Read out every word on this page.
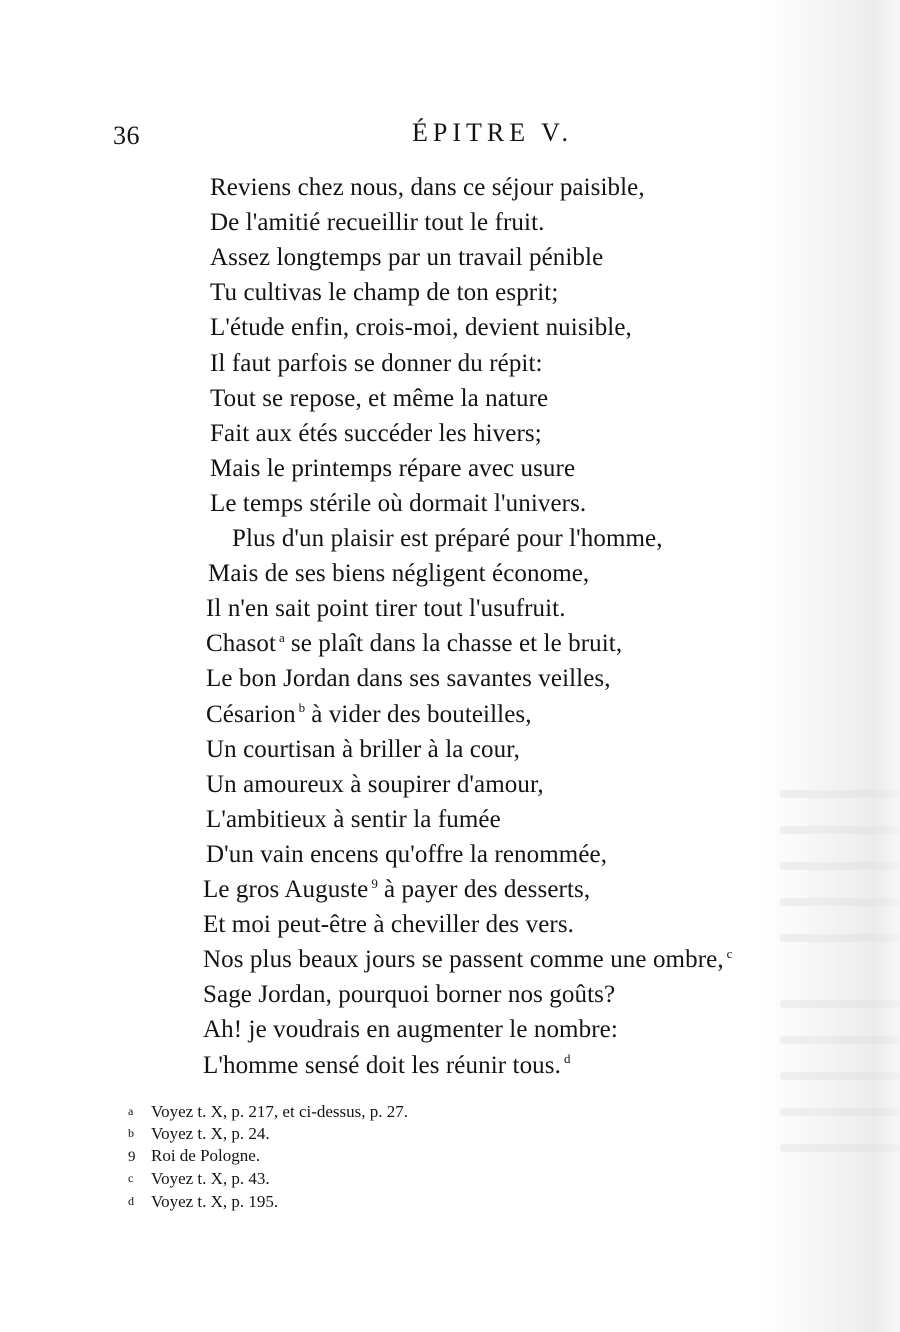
36	ÉPITRE V.
Reviens chez nous, dans ce séjour paisible,
De l'amitié recueillir tout le fruit.
Assez longtemps par un travail pénible
Tu cultivas le champ de ton esprit;
L'étude enfin, crois-moi, devient nuisible,
Il faut parfois se donner du répit:
Tout se repose, et même la nature
Fait aux étés succéder les hivers;
Mais le printemps répare avec usure
Le temps stérile où dormait l'univers.
Plus d'un plaisir est préparé pour l'homme,
Mais de ses biens négligent économe,
Il n'en sait point tirer tout l'usufruit.
Chasot $^a$ se plaît dans la chasse et le bruit,
Le bon Jordan dans ses savantes veilles,
Césarion $^b$ à vider des bouteilles,
Un courtisan à briller à la cour,
Un amoureux à soupirer d'amour,
L'ambitieux à sentir la fumée
D'un vain encens qu'offre la renommée,
Le gros Auguste $^9$ à payer des desserts,
Et moi peut-être à cheviller des vers.
Nos plus beaux jours se passent comme une ombre, $^c$
Sage Jordan, pourquoi borner nos goûts?
Ah! je voudrais en augmenter le nombre:
L'homme sensé doit les réunir tous. $^d$
a Voyez t. X, p. 217, et ci-dessus, p. 27.
b Voyez t. X, p. 24.
9 Roi de Pologne.
c Voyez t. X, p. 43.
d Voyez t. X, p. 195.
